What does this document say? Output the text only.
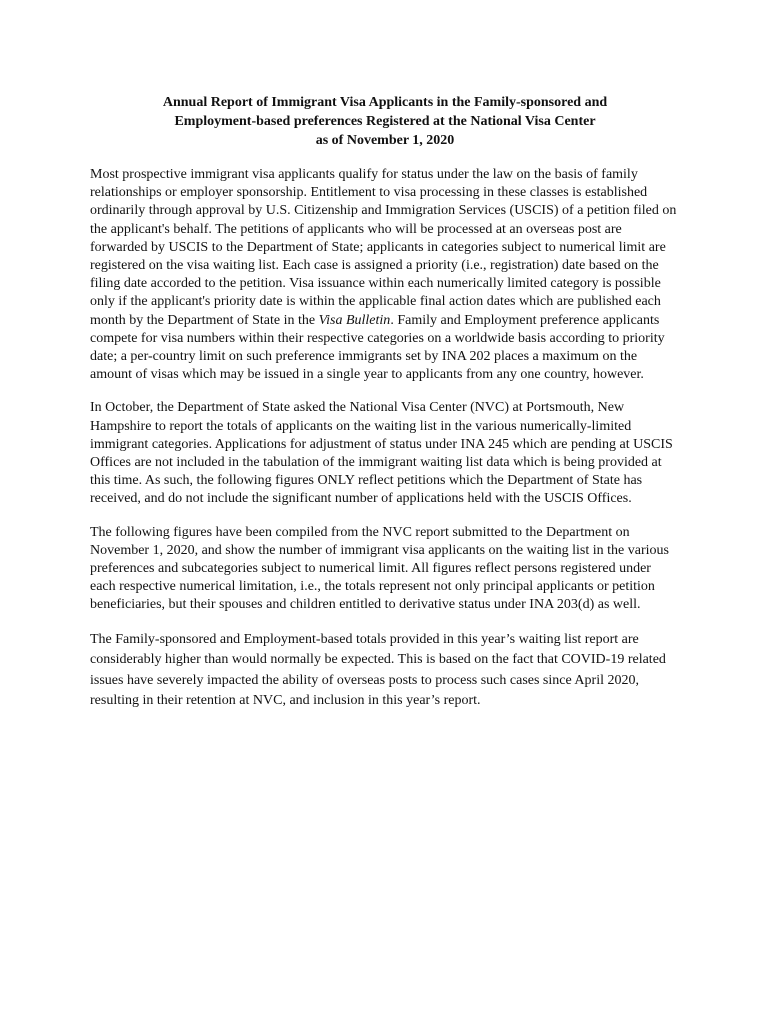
Annual Report of Immigrant Visa Applicants in the Family-sponsored and
Employment-based preferences Registered at the National Visa Center
as of November 1, 2020

Most prospective immigrant visa applicants qualify for status under the law on the basis of family relationships or employer sponsorship. Entitlement to visa processing in these classes is established ordinarily through approval by U.S. Citizenship and Immigration Services (USCIS) of a petition filed on the applicant's behalf. The petitions of applicants who will be processed at an overseas post are forwarded by USCIS to the Department of State; applicants in categories subject to numerical limit are registered on the visa waiting list. Each case is assigned a priority (i.e., registration) date based on the filing date accorded to the petition. Visa issuance within each numerically limited category is possible only if the applicant's priority date is within the applicable final action dates which are published each month by the Department of State in the Visa Bulletin. Family and Employment preference applicants compete for visa numbers within their respective categories on a worldwide basis according to priority date; a per-country limit on such preference immigrants set by INA 202 places a maximum on the amount of visas which may be issued in a single year to applicants from any one country, however.

In October, the Department of State asked the National Visa Center (NVC) at Portsmouth, New Hampshire to report the totals of applicants on the waiting list in the various numerically-limited immigrant categories. Applications for adjustment of status under INA 245 which are pending at USCIS Offices are not included in the tabulation of the immigrant waiting list data which is being provided at this time. As such, the following figures ONLY reflect petitions which the Department of State has received, and do not include the significant number of applications held with the USCIS Offices.

The following figures have been compiled from the NVC report submitted to the Department on November 1, 2020, and show the number of immigrant visa applicants on the waiting list in the various preferences and subcategories subject to numerical limit. All figures reflect persons registered under each respective numerical limitation, i.e., the totals represent not only principal applicants or petition beneficiaries, but their spouses and children entitled to derivative status under INA 203(d) as well.

The Family-sponsored and Employment-based totals provided in this year’s waiting list report are considerably higher than would normally be expected. This is based on the fact that COVID-19 related issues have severely impacted the ability of overseas posts to process such cases since April 2020, resulting in their retention at NVC, and inclusion in this year’s report.
